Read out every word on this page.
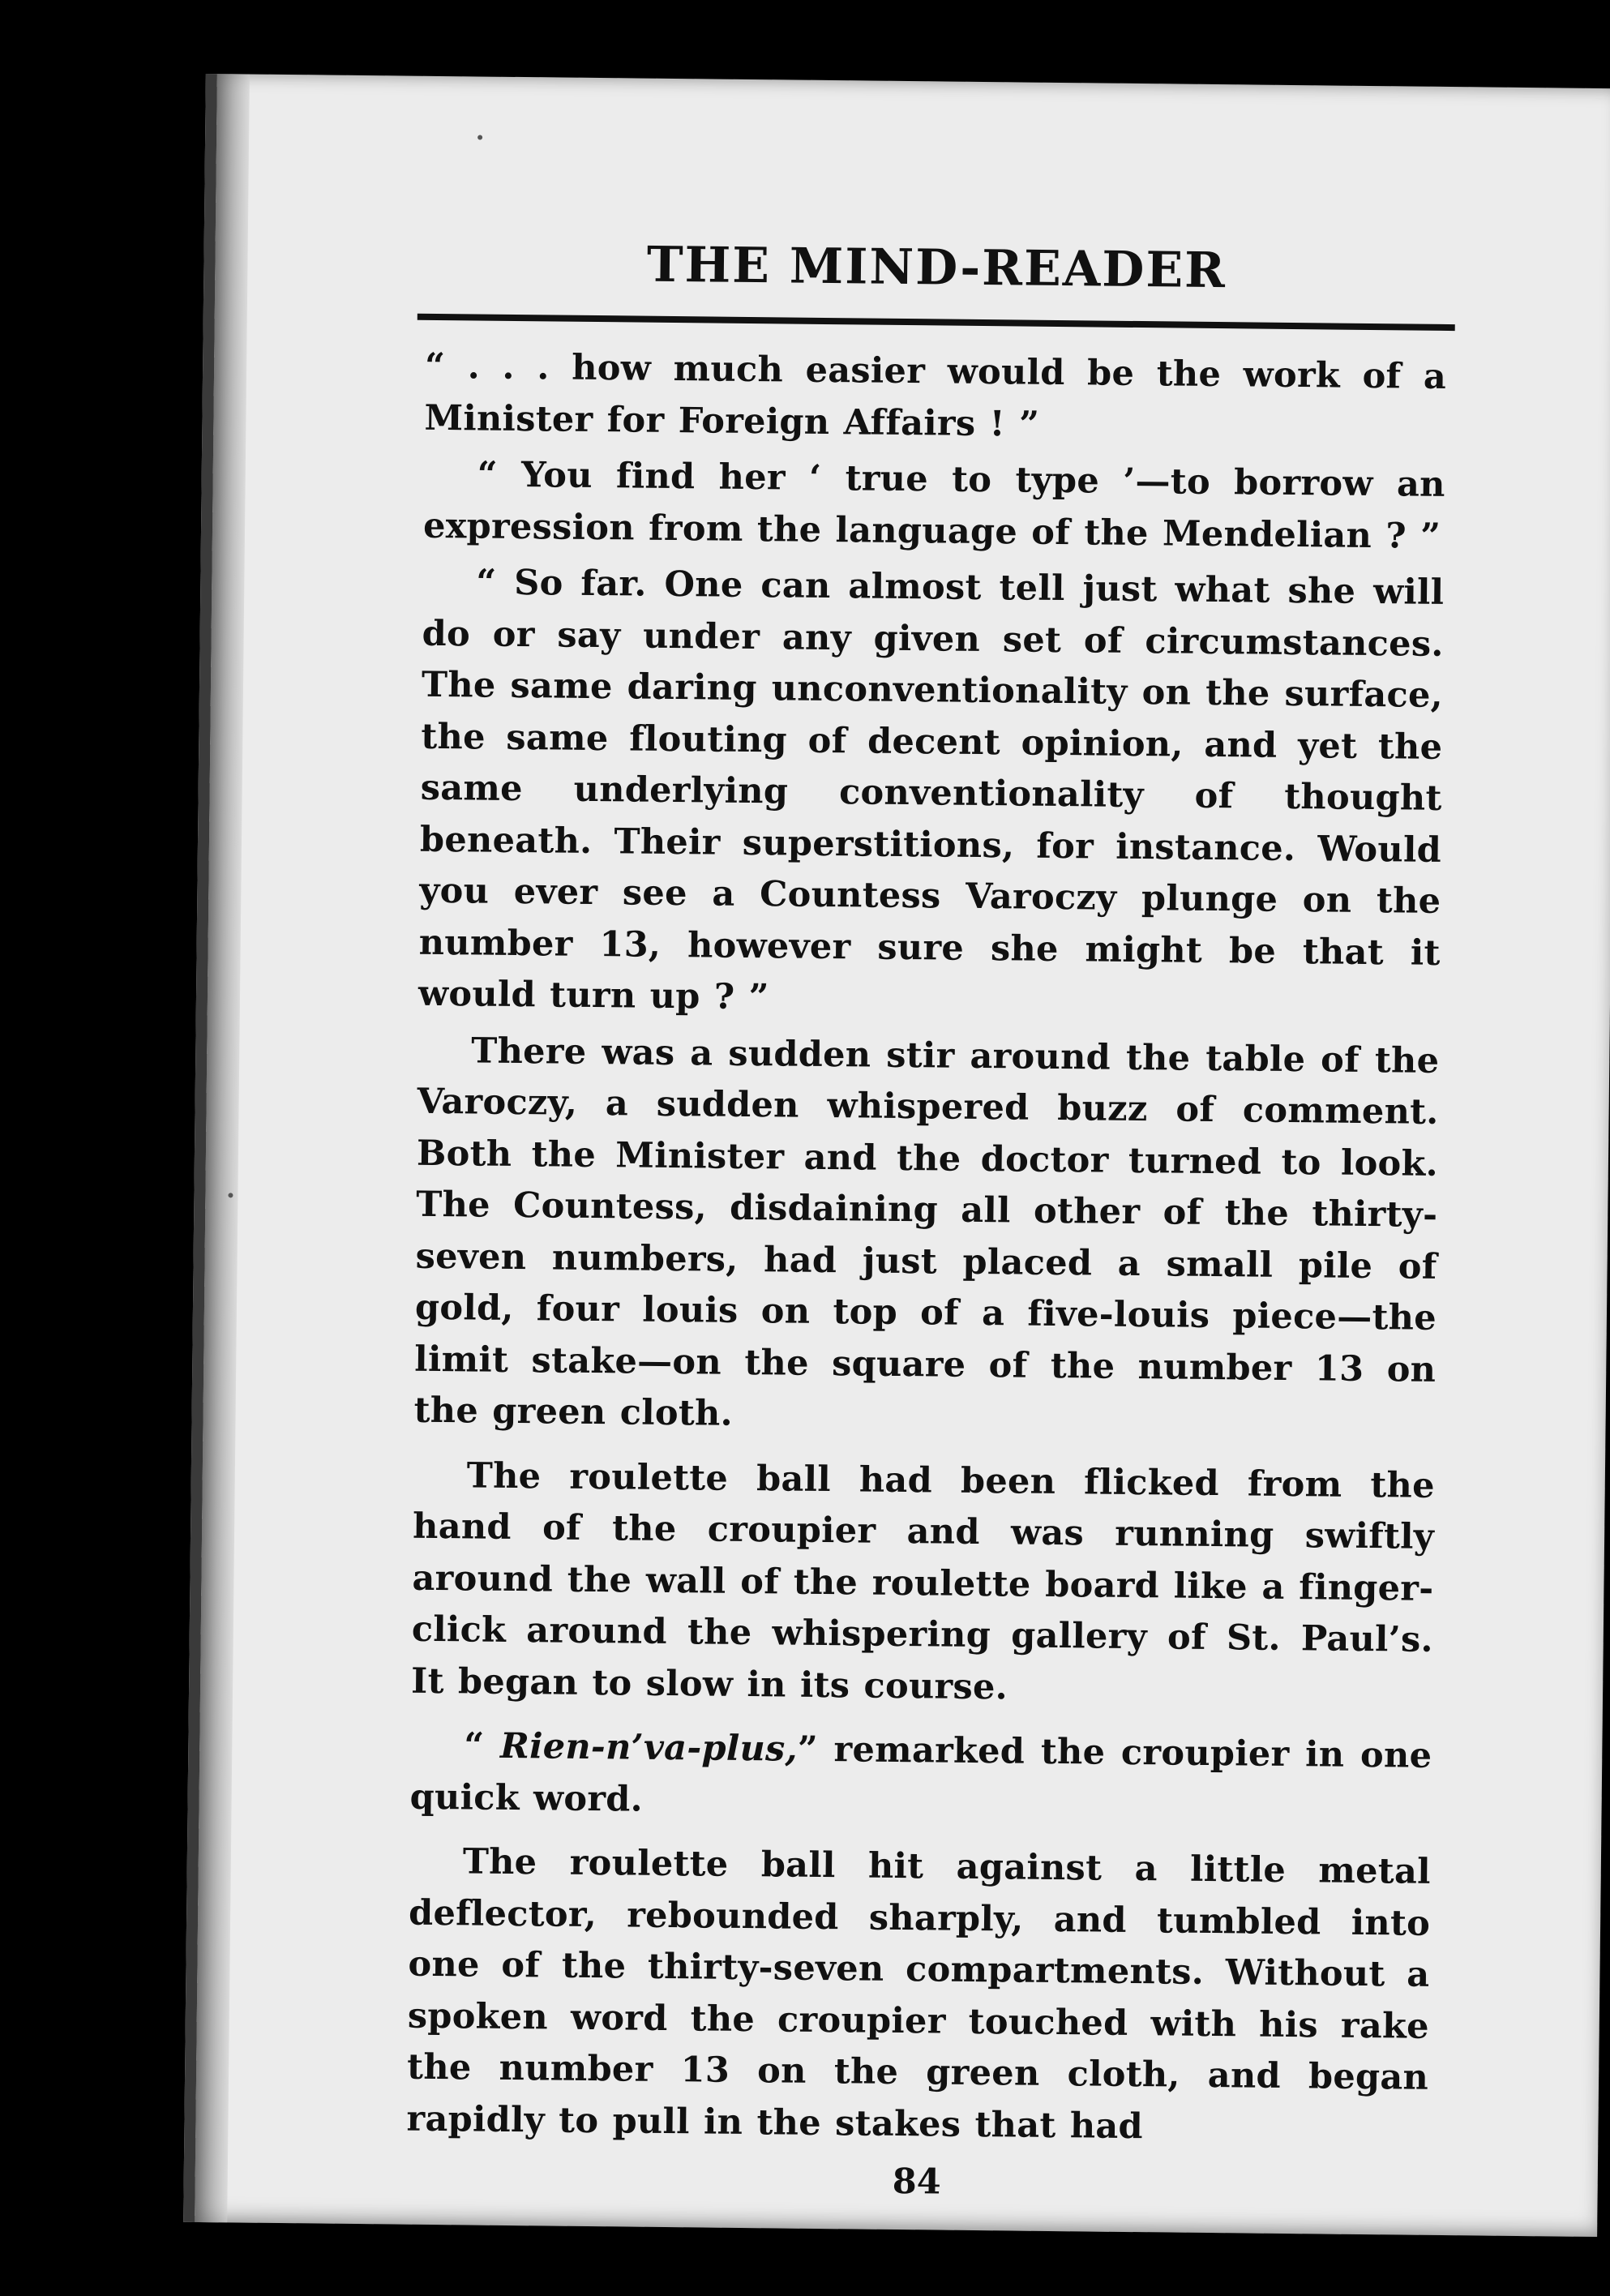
THE MIND-READER

“ . . . how much easier would be the work of a Minister for Foreign Affairs ! ”

“ You find her ‘ true to type ’—to borrow an expression from the language of the Mendelian ? ”

“ So far. One can almost tell just what she will do or say under any given set of circumstances. The same daring unconventionality on the surface, the same flouting of decent opinion, and yet the same underlying conventionality of thought beneath. Their superstitions, for instance. Would you ever see a Countess Varoczy plunge on the number 13, however sure she might be that it would turn up ? ”

There was a sudden stir around the table of the Varoczy, a sudden whispered buzz of comment. Both the Minister and the doctor turned to look. The Countess, disdaining all other of the thirty-seven numbers, had just placed a small pile of gold, four louis on top of a five-louis piece—the limit stake—on the square of the number 13 on the green cloth.

The roulette ball had been flicked from the hand of the croupier and was running swiftly around the wall of the roulette board like a finger-click around the whispering gallery of St. Paul’s. It began to slow in its course.

“ Rien-n’va-plus,” remarked the croupier in one quick word.

The roulette ball hit against a little metal deflector, rebounded sharply, and tumbled into one of the thirty-seven compartments. Without a spoken word the croupier touched with his rake the number 13 on the green cloth, and began rapidly to pull in the stakes that had

84
